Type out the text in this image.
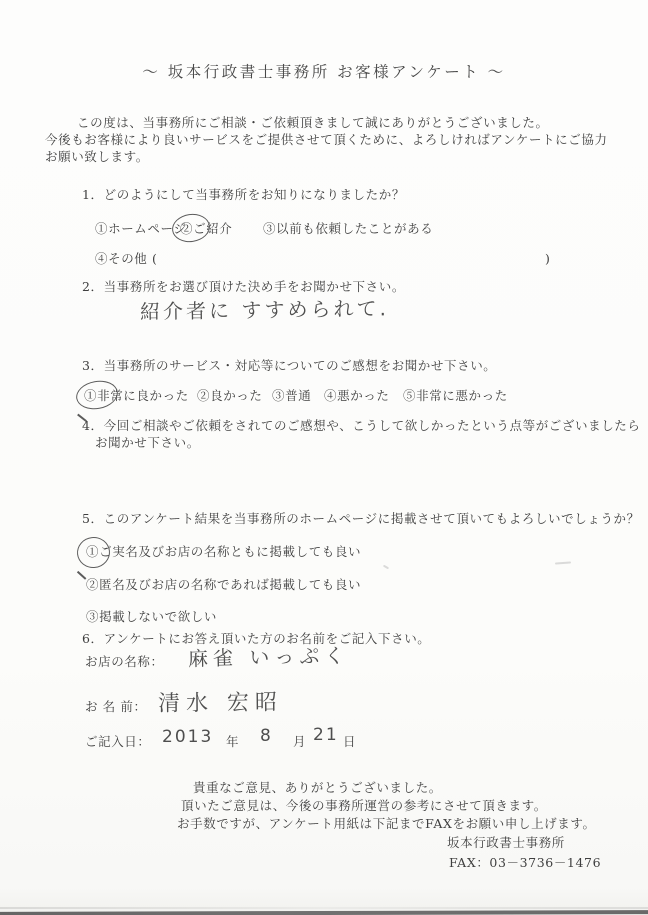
～ 坂本行政書士事務所 お客様アンケート ～
この度は、当事務所にご相談・ご依頼頂きまして誠にありがとうございました。
今後もお客様により良いサービスをご提供させて頂くために、よろしければアンケートにご協力
お願い致します。
1．どのようにして当事務所をお知りになりましたか？
①ホームページ
②ご紹介 ③以前も依頼したことがある
④その他 (	)
2．当事務所をお選び頂けた決め手をお聞かせ下さい。
紹介者に すすめられて.
3．当事務所のサービス・対応等についてのご感想をお聞かせ下さい。
①非常に良かった ②良かった ③普通 ④悪かった ⑤非常に悪かった
4．今回ご相談やご依頼をされてのご感想や、こうして欲しかったという点等がございましたら
お聞かせ下さい。
5．このアンケート結果を当事務所のホームページに掲載させて頂いてもよろしいでしょうか？
①ご実名及びお店の名称ともに掲載しても良い
②匿名及びお店の名称であれば掲載しても良い
③掲載しないで欲しい
6．アンケートにお答え頂いた方のお名前をご記入下さい。
お店の名称： 麻雀 いっぷく
お 名 前： 清水 宏昭
ご記入日： 2013 年 8 月 21 日
貴重なご意見、ありがとうございました。
頂いたご意見は、今後の事務所運営の参考にさせて頂きます。
お手数ですが、アンケート用紙は下記までFAXをお願い申し上げます。
坂本行政書士事務所
FAX：03－3736－1476
